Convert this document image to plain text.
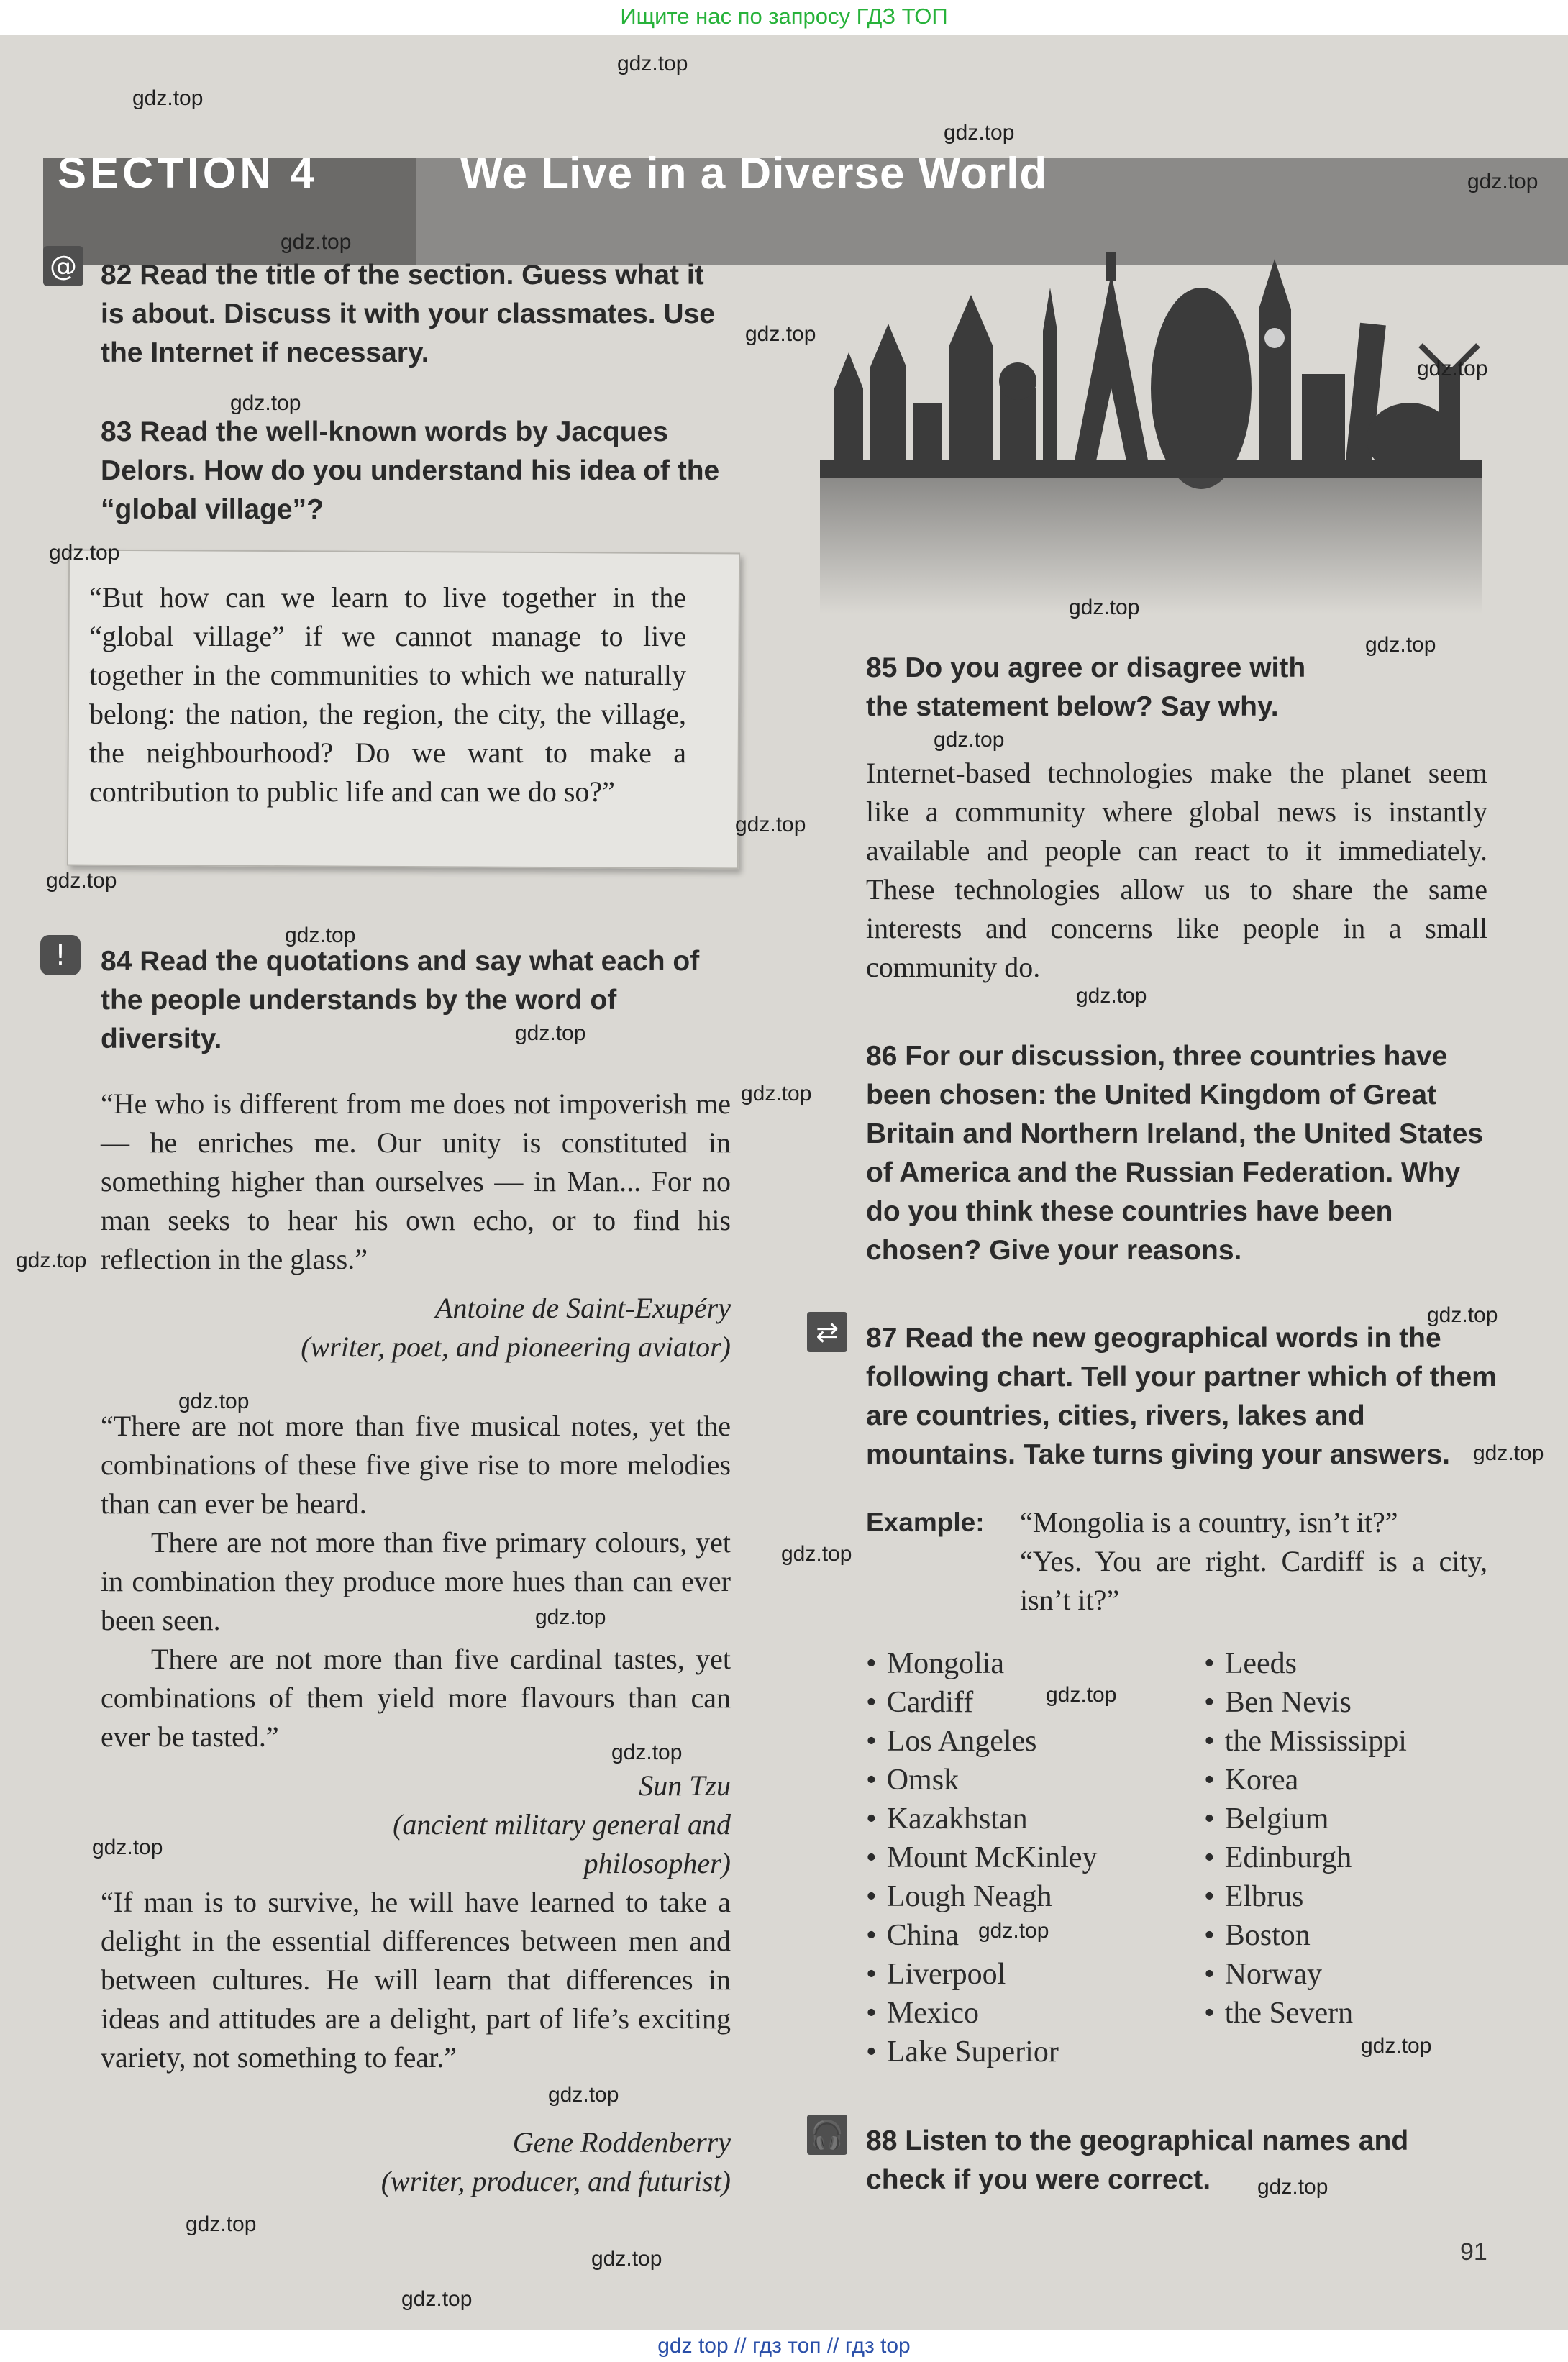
Ищите нас по запросу ГДЗ ТОП
SECTION 4	We Live in a Diverse World
@ 82 Read the title of the section. Guess what it is about. Discuss it with your classmates. Use the Internet if necessary.
83 Read the well-known words by Jacques Delors. How do you understand his idea of the “global village”?
“But how can we learn to live together in the “global village” if we cannot manage to live together in the communities to which we naturally belong: the nation, the region, the city, the village, the neighbourhood? Do we want to make a contribution to public life and can we do so?”
!	84 Read the quotations and say what each of the people understands by the word of diversity.
“He who is different from me does not impoverish me — he enriches me. Our unity is constituted in something higher than ourselves — in Man... For no man seeks to hear his own echo, or to find his reflection in the glass.”
Antoine de Saint-Exupéry
(writer, poet, and pioneering aviator)
“There are not more than five musical notes, yet the combinations of these five give rise to more melodies than can ever be heard.
There are not more than five primary colours, yet in combination they produce more hues than can ever been seen.
There are not more than five cardinal tastes, yet combinations of them yield more flavours than can ever be tasted.”
Sun Tzu
(ancient military general and philosopher)
“If man is to survive, he will have learned to take a delight in the essential differences between men and between cultures. He will learn that differences in ideas and attitudes are a delight, part of life’s exciting variety, not something to fear.”
Gene Roddenberry
(writer, producer, and futurist)
85 Do you agree or disagree with the statement below? Say why.
Internet-based technologies make the planet seem like a community where global news is instantly available and people can react to it immediately. These technologies allow us to share the same interests and concerns like people in a small community do.
86 For our discussion, three countries have been chosen: the United Kingdom of Great Britain and Northern Ireland, the United States of America and the Russian Federation. Why do you think these countries have been chosen? Give your reasons.
⇄ 87 Read the new geographical words in the following chart. Tell your partner which of them are countries, cities, rivers, lakes and mountains. Take turns giving your answers.
Example: “Mongolia is a country, isn’t it?”
“Yes. You are right. Cardiff is a city, isn’t it?”
• Mongolia
• Cardiff
• Los Angeles
• Omsk
• Kazakhstan
• Mount McKinley
• Lough Neagh
• China
• Liverpool
• Mexico
• Lake Superior
• Leeds
• Ben Nevis
• the Mississippi
• Korea
• Belgium
• Edinburgh
• Elbrus
• Boston
• Norway
• the Severn
🎧 88 Listen to the geographical names and check if you were correct.
91
gdz.top
gdz.top
gdz.top
gdz.top
gdz.top
gdz.top
gdz.top
gdz.top
gdz.top
gdz.top
gdz.top
gdz.top
gdz.top
gdz.top
gdz.top
gdz.top
gdz.top
gdz.top
gdz.top
gdz.top
gdz.top
gdz.top
gdz.top
gdz.top
gdz.top
gdz.top
gdz.top
gdz.top
gdz.top
gdz.top
gdz.top
gdz.top
gdz.top
gdz.top
gdz top // гдз топ // гдз top
